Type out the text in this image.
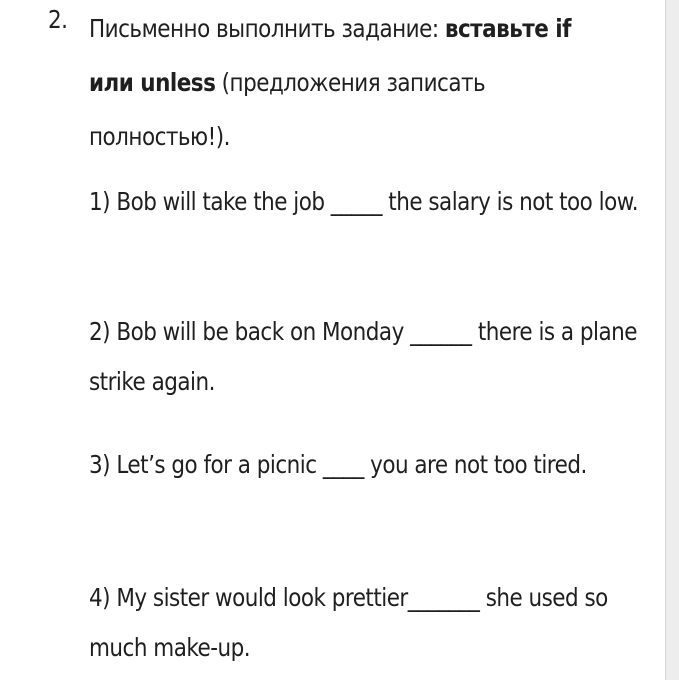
2. Письменно выполнить задание: вставьте if или unless (предложения записать полностью!).

1) Bob will take the job _____ the salary is not too low.

2) Bob will be back on Monday ______ there is a plane strike again.

3) Let’s go for a picnic ____ you are not too tired.

4) My sister would look prettier_______ she used so much make-up.
